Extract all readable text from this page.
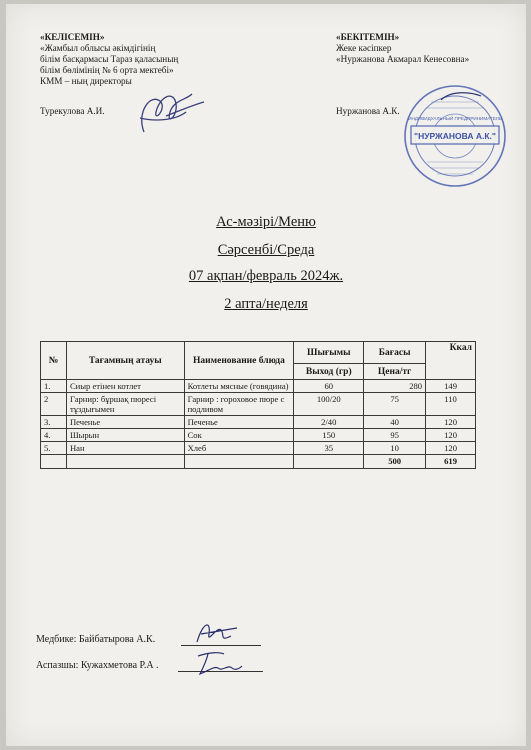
«КЕЛІСЕМІН»
«Жамбыл облысы әкімдігінің
білім басқармасы Тараз қаласының
білім бөлімінің № 6 орта мектебі»
КММ – ның директоры
Турекулова А.И.
«БЕКІТЕМІН»
Жеке кәсіпкер
«Нуржанова Акмарал Кенесовна»
Нуржанова А.К.
"НУРЖАНОВА А.К."
ИНДИВИДУАЛЬНЫЙ ПРЕДПРИНИМАТЕЛЬ
Ас-мәзірі/Меню
Сәрсенбі/Среда
07 ақпан/февраль 2024ж.
2 апта/неделя
№	Тағамның атауы	Наименование блюда	Шығымы	Бағасы	Ккал
			Выход (гр)	Цена/тг	
1.	Сиыр етінен котлет	Котлеты мясные (говядина)	60	280	149
2	Гарнир: бұршақ пюресі тұздығымен	Гарнир : гороховое пюре с подливом	100/20	75	110
3.	Печенье	Печенье	2/40	40	120
4.	Шырын	Сок	150	95	120
5.	Нан	Хлеб	35	10	120
				500	619
Медбике: Байбатырова А.К.
Аспазшы: Кужахметова Р.А .
